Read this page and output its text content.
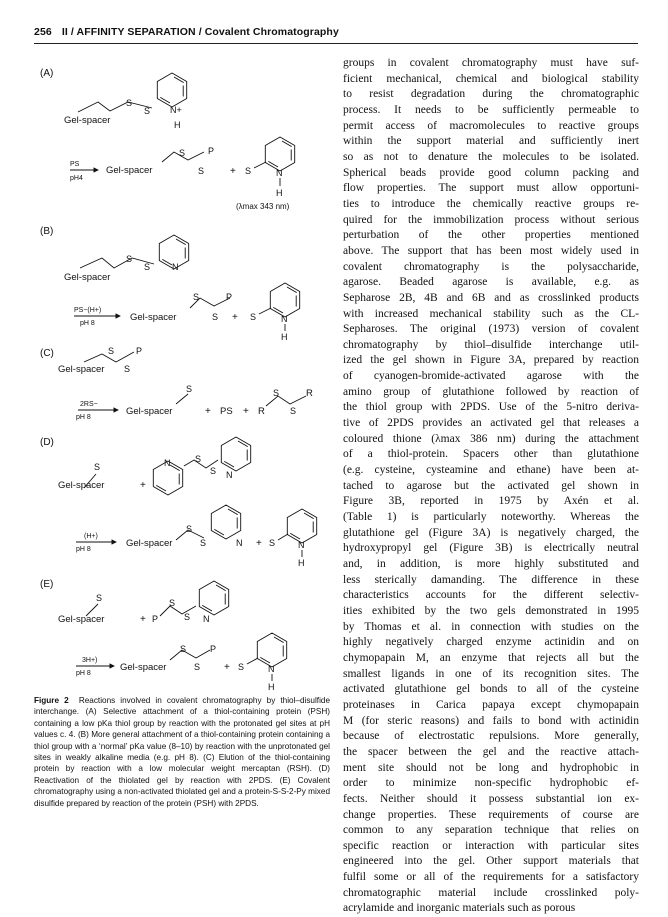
256 II / AFFINITY SEPARATION / Covalent Chromatography
(A)
N+
H
S
S
Gel-spacer
PS
pH4
Gel-spacer
S
S
P
+ S	N
H
(λmax 343 nm)
(B)
S
S N
Gel-spacer
PS−(H+)
pH 8
Gel-spacer
S
S
P
+ S	N
H
(C)	S
S
P
Gel-spacer
2RS−
pH 8
Gel-spacer
S
+ PS + R
S
S
R
(D)
S
Gel-spacer	+
N	S
S N
(H+)
pH 8
Gel-spacer
S
S	N + S	N
H
(E)
S
Gel-spacer	+ P
S
S N
3H+)
pH 8
Gel-spacer
S
S
P
+ S	N
H
Figure 2 Reactions involved in covalent chromatography by thiol–disulfide interchange. (A) Selective attachment of a thiol-containing protein (PSH) containing a low pKa thiol group by reaction with the protonated gel sites at pH values c. 4. (B) More general attachment of a thiol-containing protein containing a thiol group with a ‘normal’ pKa value (8–10) by reaction with the unprotonated gel sites in weakly alkaline media (e.g. pH 8). (C) Elution of the thiol-containing protein by reaction with a low molecular weight mercaptan (RSH). (D) Reactivation of the thiolated gel by reaction with 2PDS. (E) Covalent chromatography using a non-activated thiolated gel and a protein-S-S-2-Py mixed disulfide prepared by reaction of the protein (PSH) with 2PDS.
groups in covalent chromatography must have suf-
ficient mechanical, chemical and biological stability
to resist degradation during the chromatographic
process. It needs to be sufficiently permeable to
permit access of macromolecules to reactive groups
within the support material and sufficiently inert
so as not to denature the molecules to be isolated.
Spherical beads provide good column packing and
flow properties. The support must allow opportuni-
ties to introduce the chemically reactive groups re-
quired for the immobilization process without serious
perturbation of the other properties mentioned
above. The support that has been most widely used in
covalent chromatography is the polysaccharide,
agarose. Beaded agarose is available, e.g. as
Sepharose 2B, 4B and 6B and as crosslinked products
with increased mechanical stability such as the CL-
Sepharoses. The original (1973) version of covalent
chromatography by thiol–disulfide interchange util-
ized the gel shown in Figure 3A, prepared by reaction
of cyanogen-bromide-activated agarose with the
amino group of glutathione followed by reaction of
the thiol group with 2PDS. Use of the 5-nitro deriva-
tive of 2PDS provides an activated gel that releases a
coloured thione (λmax 386 nm) during the attachment
of a thiol-protein. Spacers other than glutathione
(e.g. cysteine, cysteamine and ethane) have been at-
tached to agarose but the activated gel shown in
Figure 3B, reported in 1975 by Axén et al.
(Table 1) is particularly noteworthy. Whereas the
glutathione gel (Figure 3A) is negatively charged, the
hydroxypropyl gel (Figure 3B) is electrically neutral
and, in addition, is more highly substituted and
less sterically damanding. The difference in these
characteristics accounts for the different selectiv-
ities exhibited by the two gels demonstrated in 1995
by Thomas et al. in connection with studies on the
highly negatively charged enzyme actinidin and on
chymopapain M, an enzyme that rejects all but the
smallest ligands in one of its recognition sites. The
activated glutathione gel bonds to all of the cysteine
proteinases in Carica papaya except chymopapain
M (for steric reasons) and fails to bond with actinidin
because of electrostatic repulsions. More generally,
the spacer between the gel and the reactive attach-
ment site should not be long and hydrophobic in
order to minimize non-specific hydrophobic ef-
fects. Neither should it possess substantial ion ex-
change properties. These requirements of course are
common to any separation technique that relies on
specific reaction or interaction with particular sites
engineered into the gel. Other support materials that
fulfil some or all of the requirements for a satisfactory
chromatographic material include crosslinked poly-
acrylamide and inorganic materials such as porous
